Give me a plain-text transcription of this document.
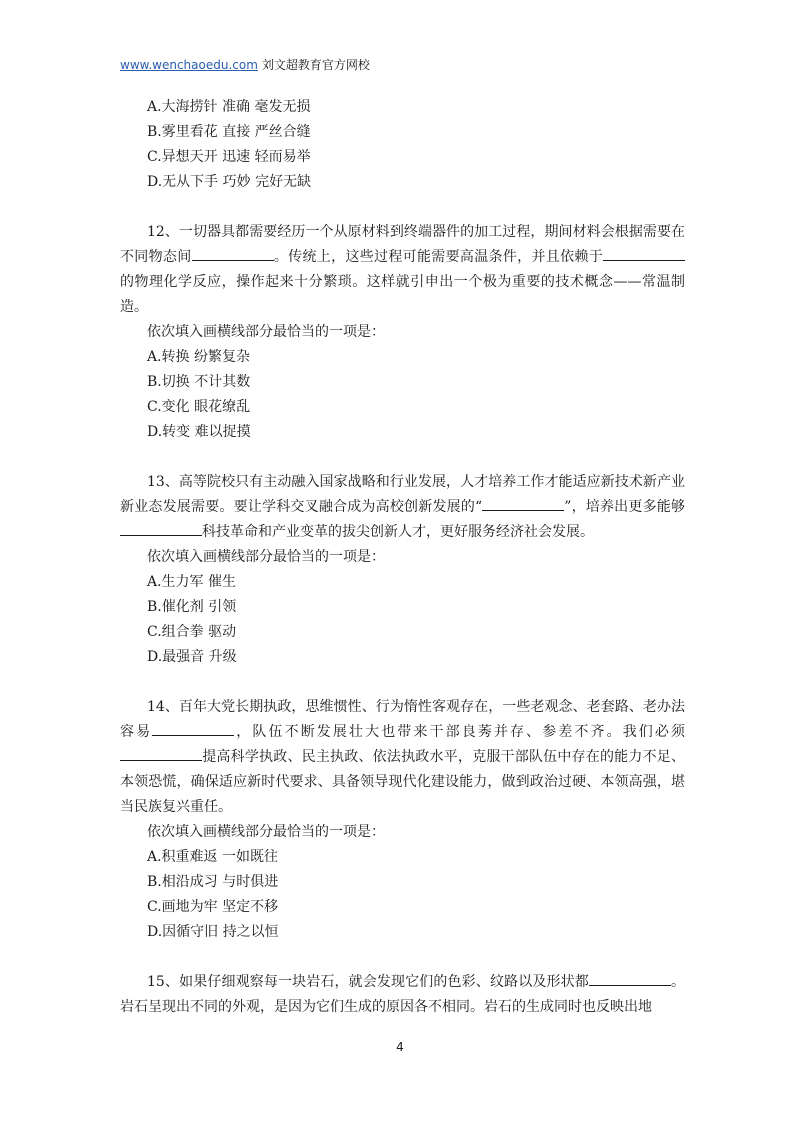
www.wenchaoedu.com 刘文超教育官方网校

A.大海捞针 准确 毫发无损

B.雾里看花 直接 严丝合缝

C.异想天开 迅速 轻而易举

D.无从下手 巧妙 完好无缺

12、一切器具都需要经历一个从原材料到终端器件的加工过程，期间材料会根据需要在不同物态间	。传统上，这些过程可能需要高温条件，并且依赖于的物理化学反应，操作起来十分繁琐。这样就引申出一个极为重要的技术概念——常温制造。

依次填入画横线部分最恰当的一项是：

A.转换 纷繁复杂

B.切换 不计其数

C.变化 眼花缭乱

D.转变 难以捉摸

13、高等院校只有主动融入国家战略和行业发展，人才培养工作才能适应新技术新产业新业态发展需要。要让学科交叉融合成为高校创新发展的“	”，培养出更多能够科技革命和产业变革的拔尖创新人才，更好服务经济社会发展。

依次填入画横线部分最恰当的一项是：

A.生力军 催生

B.催化剂 引领

C.组合拳 驱动

D.最强音 升级

14、百年大党长期执政，思维惯性、行为惰性客观存在，一些老观念、老套路、老办法容易	，队伍不断发展壮大也带来干部良莠并存、参差不齐。我们必须提高科学执政、民主执政、依法执政水平，克服干部队伍中存在的能力不足、本领恐慌，确保适应新时代要求、具备领导现代化建设能力，做到政治过硬、本领高强，堪当民族复兴重任。

依次填入画横线部分最恰当的一项是：

A.积重难返 一如既往

B.相沿成习 与时俱进

C.画地为牢 坚定不移

D.因循守旧 持之以恒

15、如果仔细观察每一块岩石，就会发现它们的色彩、纹路以及形状都	。岩石呈现出不同的外观，是因为它们生成的原因各不相同。岩石的生成同时也反映出地

4
